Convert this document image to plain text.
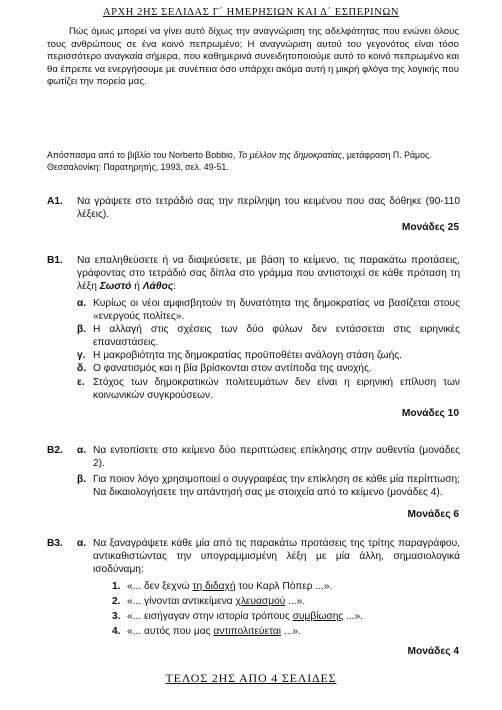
ΑΡΧΗ 2ΗΣ ΣΕΛΙΔΑΣ Γ΄ ΗΜΕΡΗΣΙΩΝ ΚΑΙ Δ΄ ΕΣΠΕΡΙΝΩΝ

Πώς όμως μπορεί να γίνει αυτό δίχως την αναγνώριση της αδελφότητας που ενώνει όλους τους ανθρώπους σε ένα κοινό πεπρωμένο; Η αναγνώριση αυτού του γεγονότος είναι τόσο περισσότερο αναγκαία σήμερα, που καθημερινά συνειδητοποιούμε αυτό το κοινό πεπρωμένο και θα έπρεπε να ενεργήσουμε με συνέπεια όσο υπάρχει ακόμα αυτή η μικρή φλόγα της λογικής που φωτίζει την πορεία μας.

Απόσπασμα από το βιβλίο του Norberto Bobbio, Το μέλλον της δημοκρατίας, μετάφραση Π. Ράμος.
Θεσσαλονίκη: Παρατηρητής, 1993, σελ. 49-51.
Α1. Να γράψετε στο τετράδιό σας την περίληψη του κειμένου που σας δόθηκε (90-110 λέξεις).
Μονάδες 25
Β1. Να επαληθεύσετε ή να διαψεύσετε, με βάση το κείμενο, τις παρακάτω προτάσεις, γράφοντας στο τετράδιό σας δίπλα στο γράμμα που αντιστοιχεί σε κάθε πρόταση τη λέξη Σωστό ή Λάθος:
α. Κυρίως οι νέοι αμφισβητούν τη δυνατότητα της δημοκρατίας να βασίζεται στους «ενεργούς πολίτες».
β. Η αλλαγή στις σχέσεις των δύο φύλων δεν εντάσσεται στις ειρηνικές επαναστάσεις.
γ. Η μακροβιότητα της δημοκρατίας προϋποθέτει ανάλογη στάση ζωής.
δ. Ο φανατισμός και η βία βρίσκονται στον αντίποδα της ανοχής.
ε. Στόχος των δημοκρατικών πολιτευμάτων δεν είναι η ειρηνική επίλυση των κοινωνικών συγκρούσεων.
Μονάδες 10
Β2. α. Να εντοπίσετε στο κείμενο δύο περιπτώσεις επίκλησης στην αυθεντία (μονάδες 2).
β. Για ποιον λόγο χρησιμοποιεί ο συγγραφέας την επίκληση σε κάθε μία περίπτωση; Να δικαιολογήσετε την απάντησή σας με στοιχεία από το κείμενο (μονάδες 4).
Μονάδες 6
Β3. α. Να ξαναγράψετε κάθε μία από τις παρακάτω προτάσεις της τρίτης παραγράφου, αντικαθιστώντας την υπογραμμισμένη λέξη με μία άλλη, σημασιολογικά ισοδύναμη:
1. «... δεν ξεχνώ τη διδαχή του Καρλ Πόπερ ...».
2. «... γίνονται αντικείμενα χλευασμού ...».
3. «... εισήγαγαν στην ιστορία τρόπους συμβίωσης ...».
4. «... αυτός που μας αντιπολιτεύεται ...».
Μονάδες 4
ΤΕΛΟΣ 2ΗΣ ΑΠΟ 4 ΣΕΛΙΔΕΣ
